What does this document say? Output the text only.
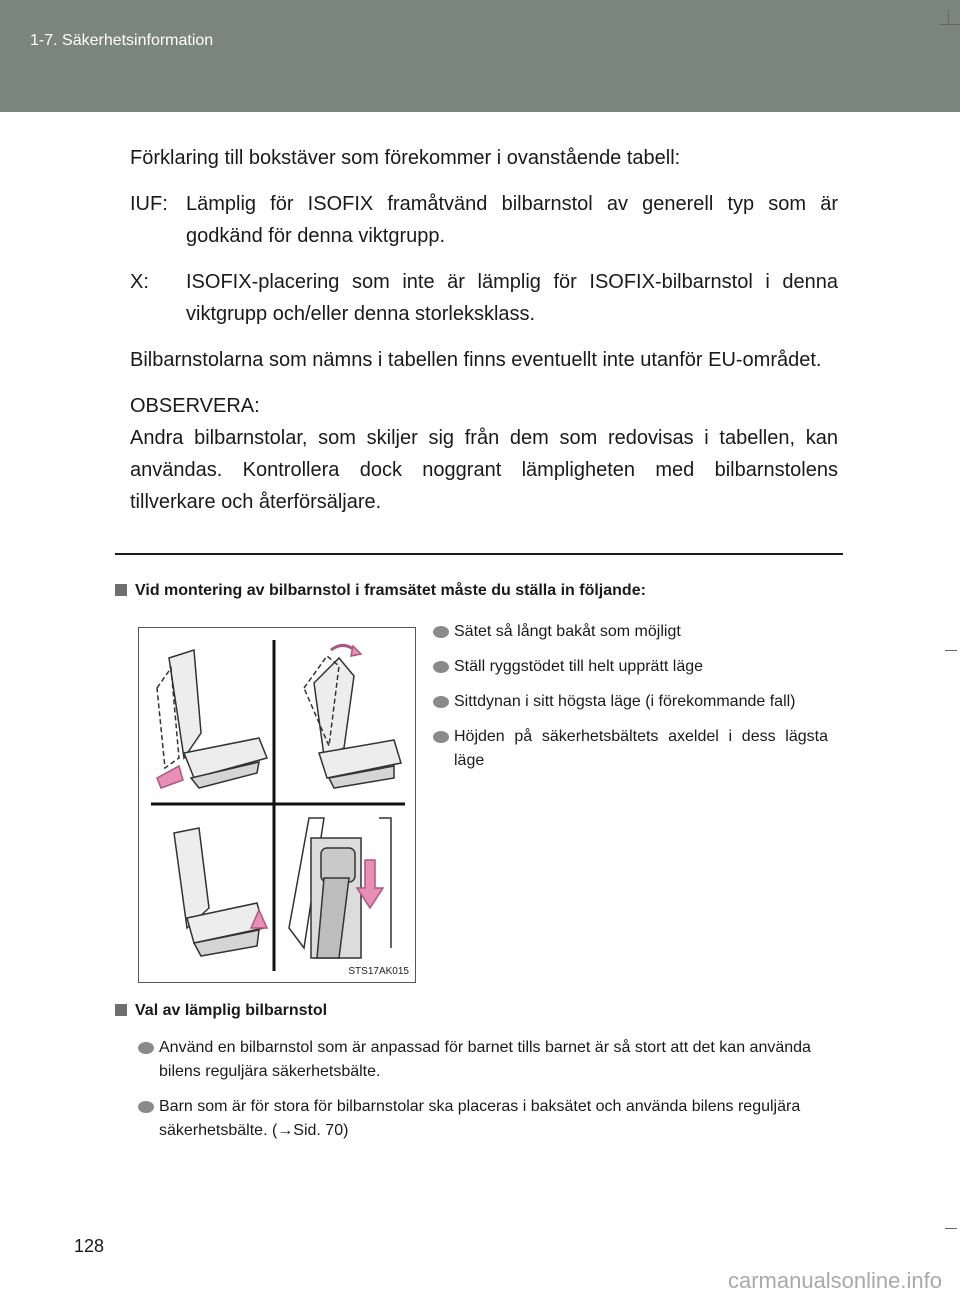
1-7. Säkerhetsinformation

Förklaring till bokstäver som förekommer i ovanstående tabell:

IUF: Lämplig för ISOFIX framåtvänd bilbarnstol av generell typ som är godkänd för denna viktgrupp.
X:	ISOFIX-placering som inte är lämplig för ISOFIX-bilbarnstol i denna viktgrupp och/eller denna storleksklass.

Bilbarnstolarna som nämns i tabellen finns eventuellt inte utanför EU-området.

OBSERVERA:

Andra bilbarnstolar, som skiljer sig från dem som redovisas i tabellen, kan användas. Kontrollera dock noggrant lämpligheten med bilbarnstolens tillverkare och återförsäljare.

Vid montering av bilbarnstol i framsätet måste du ställa in följande:
STS17AK015
Sätet så långt bakåt som möjligt
Ställ ryggstödet till helt upprätt läge
Sittdynan i sitt högsta läge (i förekommande fall)
Höjden på säkerhetsbältets axeldel i dess lägsta läge
Val av lämplig bilbarnstol
Använd en bilbarnstol som är anpassad för barnet tills barnet är så stort att det kan använda bilens reguljära säkerhetsbälte.
Barn som är för stora för bilbarnstolar ska placeras i baksätet och använda bilens reguljära säkerhetsbälte. (→Sid. 70)
128
carmanualsonline.info
